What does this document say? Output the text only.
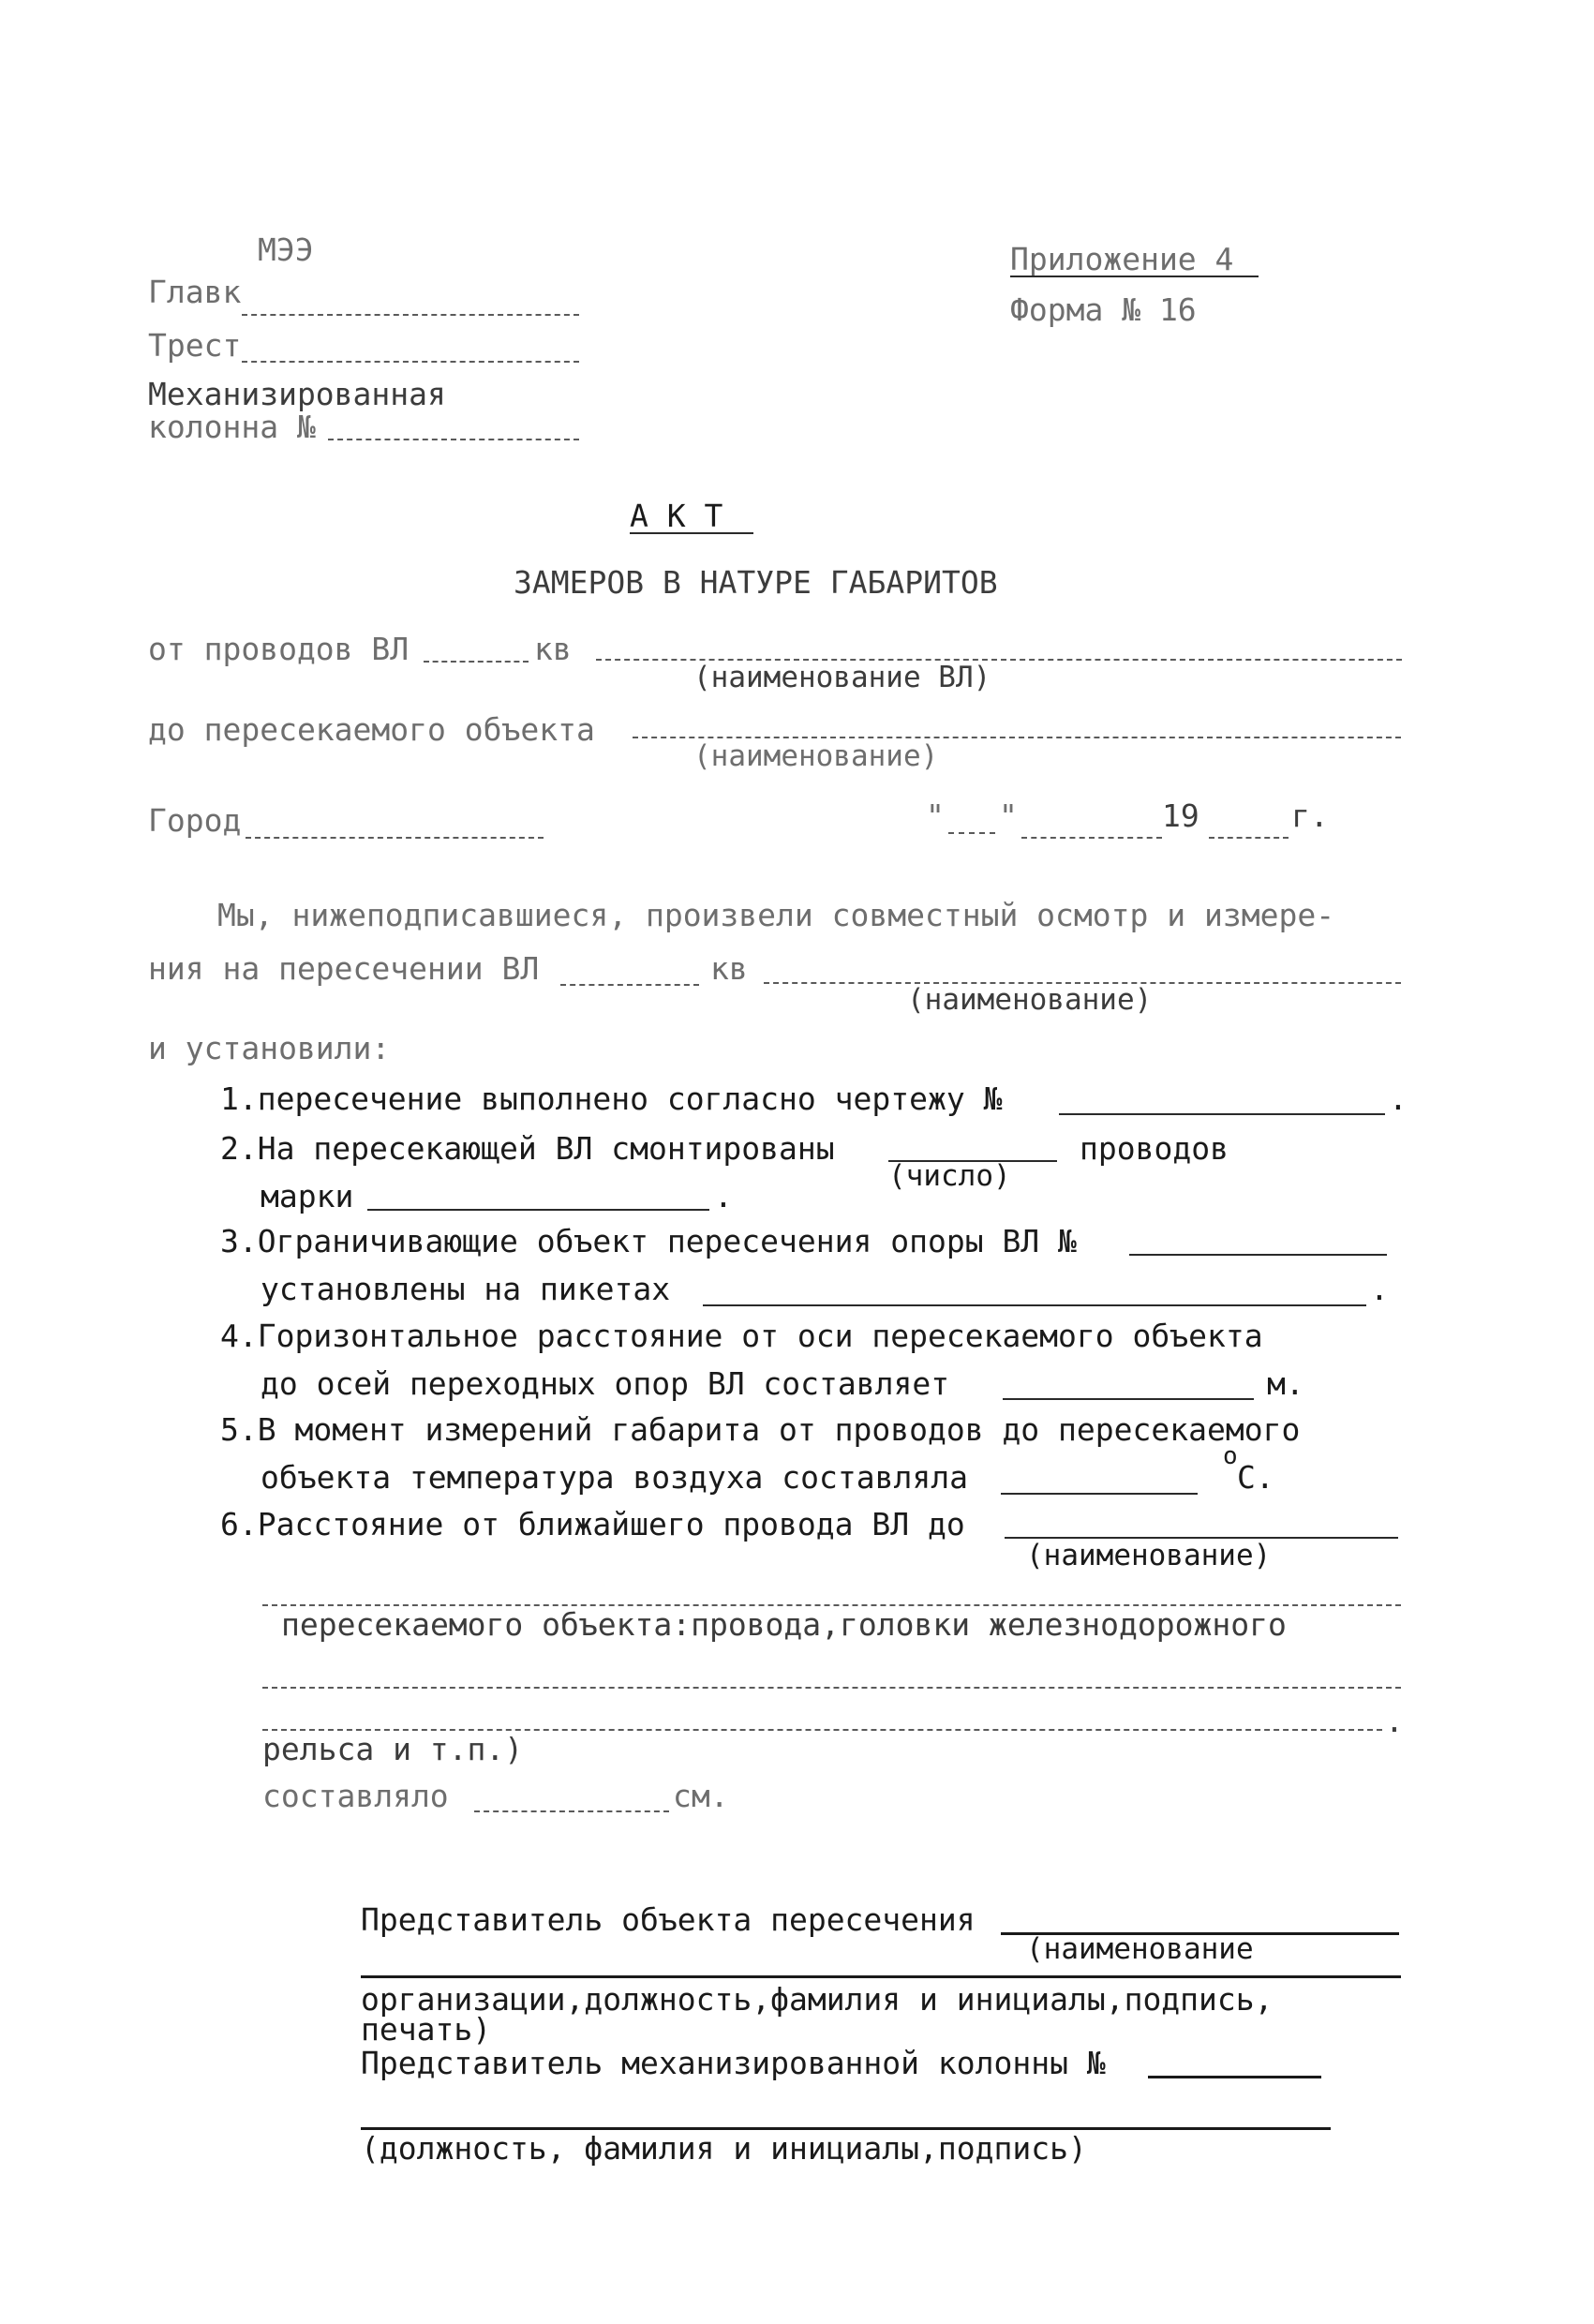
МЭЭ
Главк
Трест
Механизированная
колонна №
Приложение 4
Форма № 16
А К Т
ЗАМЕРОВ В НАТУРЕ ГАБАРИТОВ
от проводов ВЛ	кв
(наименование ВЛ)
до пересекаемого объекта
(наименование)
Город	" "	19	г.
Мы, нижеподписавшиеся, произвели совместный осмотр и измере-
ния на пересечении ВЛ	кв
(наименование)
и установили:
1.пересечение выполнено согласно чертежу №	.
2.На пересекающей ВЛ смонтированы
(число)
проводов
марки	.
3.Ограничивающие объект пересечения опоры ВЛ №
установлены на пикетах	.
4.Горизонтальное расстояние от оси пересекаемого объекта
до осей переходных опор ВЛ составляет	м.
5.В момент измерений габарита от проводов до пересекаемого
объекта температура воздуха составляла
о
С.
6.Расстояние от ближайшего провода ВЛ до
(наименование)
пересекаемого объекта:провода,головки железнодорожного
.
рельса и т.п.)
составляло	см.
Представитель объекта пересечения
(наименование
организации,должность,фамилия и инициалы,подпись,
печать)
Представитель механизированной колонны №
(должность, фамилия и инициалы,подпись)
